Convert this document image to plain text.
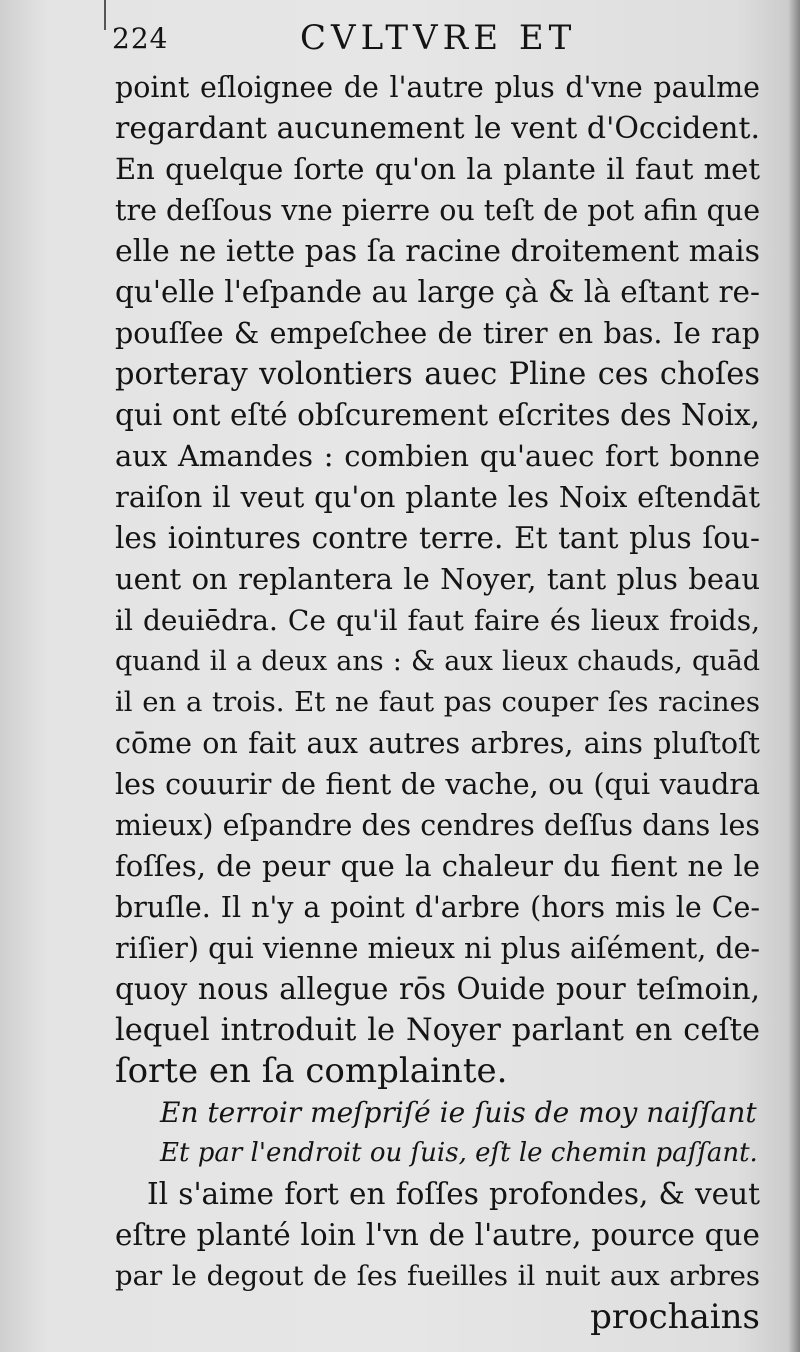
224	CVLTVRE ET
point eſloignee de l'autre plus d'vne paulme
regardant aucunement le vent d'Occident.
En quelque ſorte qu'on la plante il faut met
tre deſſous vne pierre ou teſt de pot afin que
elle ne iette pas ſa racine droitement mais
qu'elle l'eſpande au large çà & là eſtant re-
pouſſee & empeſchee de tirer en bas. Ie rap
porteray volontiers auec Pline ces choſes
qui ont eſté obſcurement eſcrites des Noix,
aux Amandes : combien qu'auec fort bonne
raiſon il veut qu'on plante les Noix eſtendāt
les iointures contre terre. Et tant plus ſou-
uent on replantera le Noyer, tant plus beau
il deuiēdra. Ce qu'il faut faire és lieux froids,
quand il a deux ans : & aux lieux chauds, quād
il en a trois. Et ne faut pas couper ſes racines
cōme on fait aux autres arbres, ains pluſtoſt
les couurir de fient de vache, ou (qui vaudra
mieux) eſpandre des cendres deſſus dans les
foſſes, de peur que la chaleur du fient ne le
bruſle. Il n'y a point d'arbre (hors mis le Ce-
riſier) qui vienne mieux ni plus aiſément, de-
quoy nous allegue rōs Ouide pour teſmoin,
lequel introduit le Noyer parlant en ceſte
ſorte en ſa complainte.
En terroir meſpriſé ie ſuis de moy naiſſant
Et par l'endroit ou ſuis, eſt le chemin paſſant.
Il s'aime fort en foſſes profondes, & veut
eſtre planté loin l'vn de l'autre, pource que
par le degout de ſes fueilles il nuit aux arbres
prochains
